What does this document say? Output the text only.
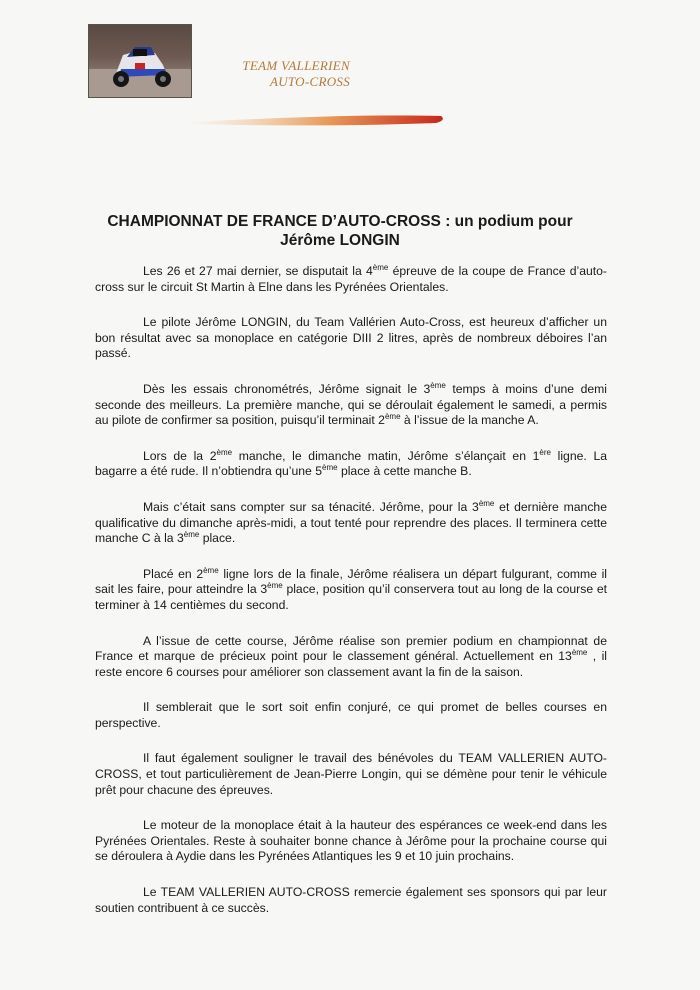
TEAM VALLERIEN
AUTO-CROSS
CHAMPIONNAT DE FRANCE D’AUTO-CROSS : un podium pour
Jérôme LONGIN

Les 26 et 27 mai dernier, se disputait la 4ème épreuve de la coupe de France d’auto-cross sur le circuit St Martin à Elne dans les Pyrénées Orientales.

Le pilote Jérôme LONGIN, du Team Vallérien Auto-Cross, est heureux d’afficher un bon résultat avec sa monoplace en catégorie DIII 2 litres, après de nombreux déboires l’an passé.

Dès les essais chronométrés, Jérôme signait le 3ème temps à moins d’une demi seconde des meilleurs. La première manche, qui se déroulait également le samedi, a permis au pilote de confirmer sa position, puisqu’il terminait 2ème à l’issue de la manche A.

Lors de la 2ème manche, le dimanche matin, Jérôme s’élançait en 1ère ligne. La bagarre a été rude. Il n’obtiendra qu’une 5ème place à cette manche B.

Mais c’était sans compter sur sa ténacité. Jérôme, pour la 3ème et dernière manche qualificative du dimanche après-midi, a tout tenté pour reprendre des places. Il terminera cette manche C à la 3ème place.

Placé en 2ème ligne lors de la finale, Jérôme réalisera un départ fulgurant, comme il sait les faire, pour atteindre la 3ème place, position qu’il conservera tout au long de la course et terminer à 14 centièmes du second.

A l’issue de cette course, Jérôme réalise son premier podium en championnat de France et marque de précieux point pour le classement général. Actuellement en 13ème , il reste encore 6 courses pour améliorer son classement avant la fin de la saison.

Il semblerait que le sort soit enfin conjuré, ce qui promet de belles courses en perspective.

Il faut également souligner le travail des bénévoles du TEAM VALLERIEN AUTO-CROSS, et tout particulièrement de Jean-Pierre Longin, qui se démène pour tenir le véhicule prêt pour chacune des épreuves.

Le moteur de la monoplace était à la hauteur des espérances ce week-end dans les Pyrénées Orientales. Reste à souhaiter bonne chance à Jérôme pour la prochaine course qui se déroulera à Aydie dans les Pyrénées Atlantiques les 9 et 10 juin prochains.

Le TEAM VALLERIEN AUTO-CROSS remercie également ses sponsors qui par leur soutien contribuent à ce succès.
